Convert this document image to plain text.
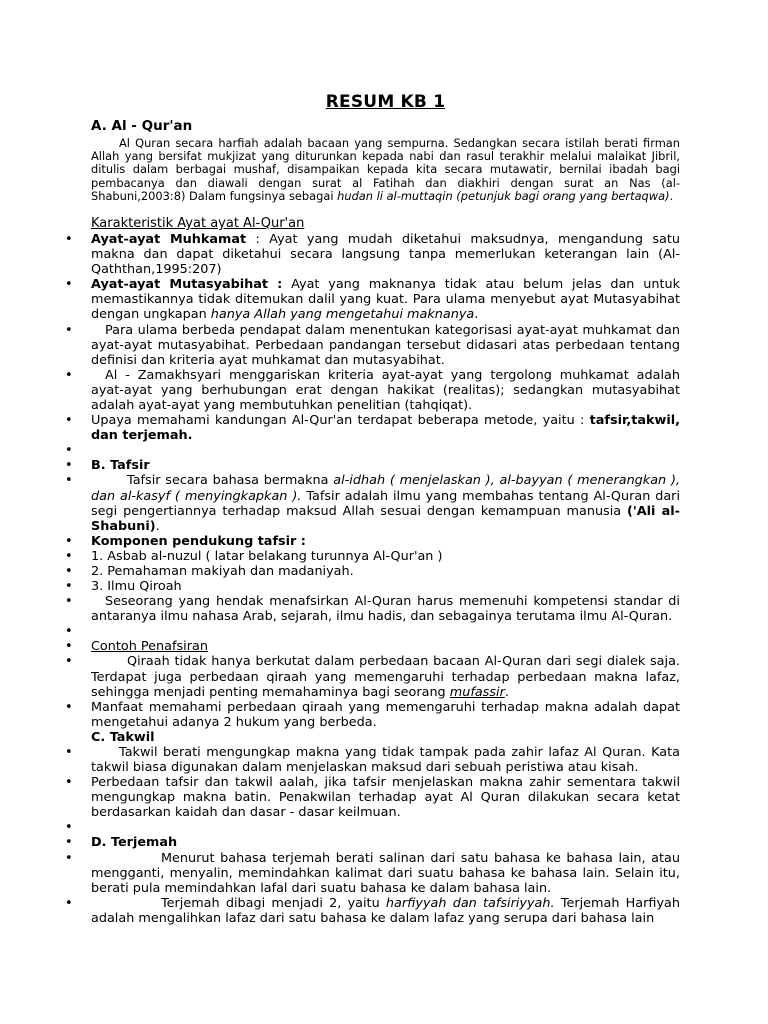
RESUM KB 1
A. Al - Qur'an

Al Quran secara harfiah adalah bacaan yang sempurna. Sedangkan secara istilah berati firman Allah yang bersifat mukjizat yang diturunkan kepada nabi dan rasul terakhir melalui malaikat Jibril, ditulis dalam berbagai mushaf, disampaikan kepada kita secara mutawatir, bernilai ibadah bagi pembacanya dan diawali dengan surat al Fatihah dan diakhiri dengan surat an Nas (al-Shabuni,2003:8) Dalam fungsinya sebagai hudan li al-muttaqin (petunjuk bagi orang yang bertaqwa).

Karakteristik Ayat ayat Al-Qur'an
• Ayat-ayat Muhkamat : Ayat yang mudah diketahui maksudnya, mengandung satu makna dan dapat diketahui secara langsung tanpa memerlukan keterangan lain (Al-Qaththan,1995:207)
• Ayat-ayat Mutasyabihat : Ayat yang maknanya tidak atau belum jelas dan untuk memastikannya tidak ditemukan dalil yang kuat. Para ulama menyebut ayat Mutasyabihat dengan ungkapan hanya Allah yang mengetahui maknanya.
• Para ulama berbeda pendapat dalam menentukan kategorisasi ayat-ayat muhkamat dan ayat-ayat mutasyabihat. Perbedaan pandangan tersebut didasari atas perbedaan tentang definisi dan kriteria ayat muhkamat dan mutasyabihat.
• Al - Zamakhsyari menggariskan kriteria ayat-ayat yang tergolong muhkamat adalah ayat-ayat yang berhubungan erat dengan hakikat (realitas); sedangkan mutasyabihat adalah ayat-ayat yang membutuhkan penelitian (tahqiqat).
• Upaya memahami kandungan Al-Qur'an terdapat beberapa metode, yaitu : tafsir,takwil, dan terjemah.
•
• B. Tafsir
• Tafsir secara bahasa bermakna al-idhah ( menjelaskan ), al-bayyan ( menerangkan ), dan al-kasyf ( menyingkapkan ). Tafsir adalah ilmu yang membahas tentang Al-Quran dari segi pengertiannya terhadap maksud Allah sesuai dengan kemampuan manusia ('Ali al-Shabuni).
• Komponen pendukung tafsir :
• 1. Asbab al-nuzul ( latar belakang turunnya Al-Qur'an )
• 2. Pemahaman makiyah dan madaniyah.
• 3. Ilmu Qiroah
• Seseorang yang hendak menafsirkan Al-Quran harus memenuhi kompetensi standar di antaranya ilmu nahasa Arab, sejarah, ilmu hadis, dan sebagainya terutama ilmu Al-Quran.
•
• Contoh Penafsiran
• Qiraah tidak hanya berkutat dalam perbedaan bacaan Al-Quran dari segi dialek saja. Terdapat juga perbedaan qiraah yang memengaruhi terhadap perbedaan makna lafaz, sehingga menjadi penting memahaminya bagi seorang mufassir.
• Manfaat memahami perbedaan qiraah yang memengaruhi terhadap makna adalah dapat mengetahui adanya 2 hukum yang berbeda.
C. Takwil
• Takwil berati mengungkap makna yang tidak tampak pada zahir lafaz Al Quran. Kata takwil biasa digunakan dalam menjelaskan maksud dari sebuah peristiwa atau kisah.
• Perbedaan tafsir dan takwil aalah, jika tafsir menjelaskan makna zahir sementara takwil mengungkap makna batin. Penakwilan terhadap ayat Al Quran dilakukan secara ketat berdasarkan kaidah dan dasar - dasar keilmuan.
•
• D. Terjemah
• Menurut bahasa terjemah berati salinan dari satu bahasa ke bahasa lain, atau mengganti, menyalin, memindahkan kalimat dari suatu bahasa ke bahasa lain. Selain itu, berati pula memindahkan lafal dari suatu bahasa ke dalam bahasa lain.
• Terjemah dibagi menjadi 2, yaitu harfiyyah dan tafsiriyyah. Terjemah Harfiyah adalah mengalihkan lafaz dari satu bahasa ke dalam lafaz yang serupa dari bahasa lain
